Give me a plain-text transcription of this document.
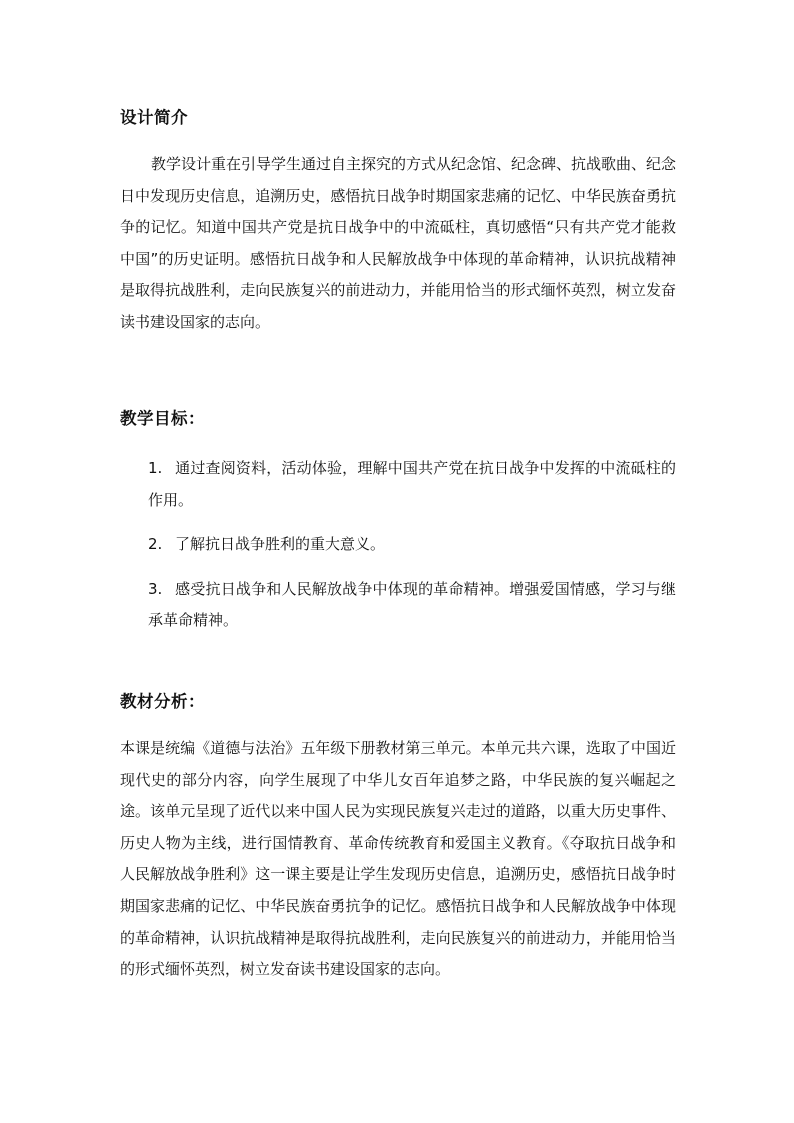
设计简介

教学设计重在引导学生通过自主探究的方式从纪念馆、纪念碑、抗战歌曲、纪念日中发现历史信息，追溯历史，感悟抗日战争时期国家悲痛的记忆、中华民族奋勇抗争的记忆。知道中国共产党是抗日战争中的中流砥柱，真切感悟“只有共产党才能救中国”的历史证明。感悟抗日战争和人民解放战争中体现的革命精神，认识抗战精神是取得抗战胜利，走向民族复兴的前进动力，并能用恰当的形式缅怀英烈，树立发奋读书建设国家的志向。

教学目标：
1. 通过查阅资料，活动体验，理解中国共产党在抗日战争中发挥的中流砥柱的作用。
2. 了解抗日战争胜利的重大意义。
3. 感受抗日战争和人民解放战争中体现的革命精神。增强爱国情感，学习与继承革命精神。
教材分析：

本课是统编《道德与法治》五年级下册教材第三单元。本单元共六课，选取了中国近现代史的部分内容，向学生展现了中华儿女百年追梦之路，中华民族的复兴崛起之途。该单元呈现了近代以来中国人民为实现民族复兴走过的道路，以重大历史事件、历史人物为主线，进行国情教育、革命传统教育和爱国主义教育。《夺取抗日战争和人民解放战争胜利》这一课主要是让学生发现历史信息，追溯历史，感悟抗日战争时期国家悲痛的记忆、中华民族奋勇抗争的记忆。感悟抗日战争和人民解放战争中体现的革命精神，认识抗战精神是取得抗战胜利，走向民族复兴的前进动力，并能用恰当的形式缅怀英烈，树立发奋读书建设国家的志向。
